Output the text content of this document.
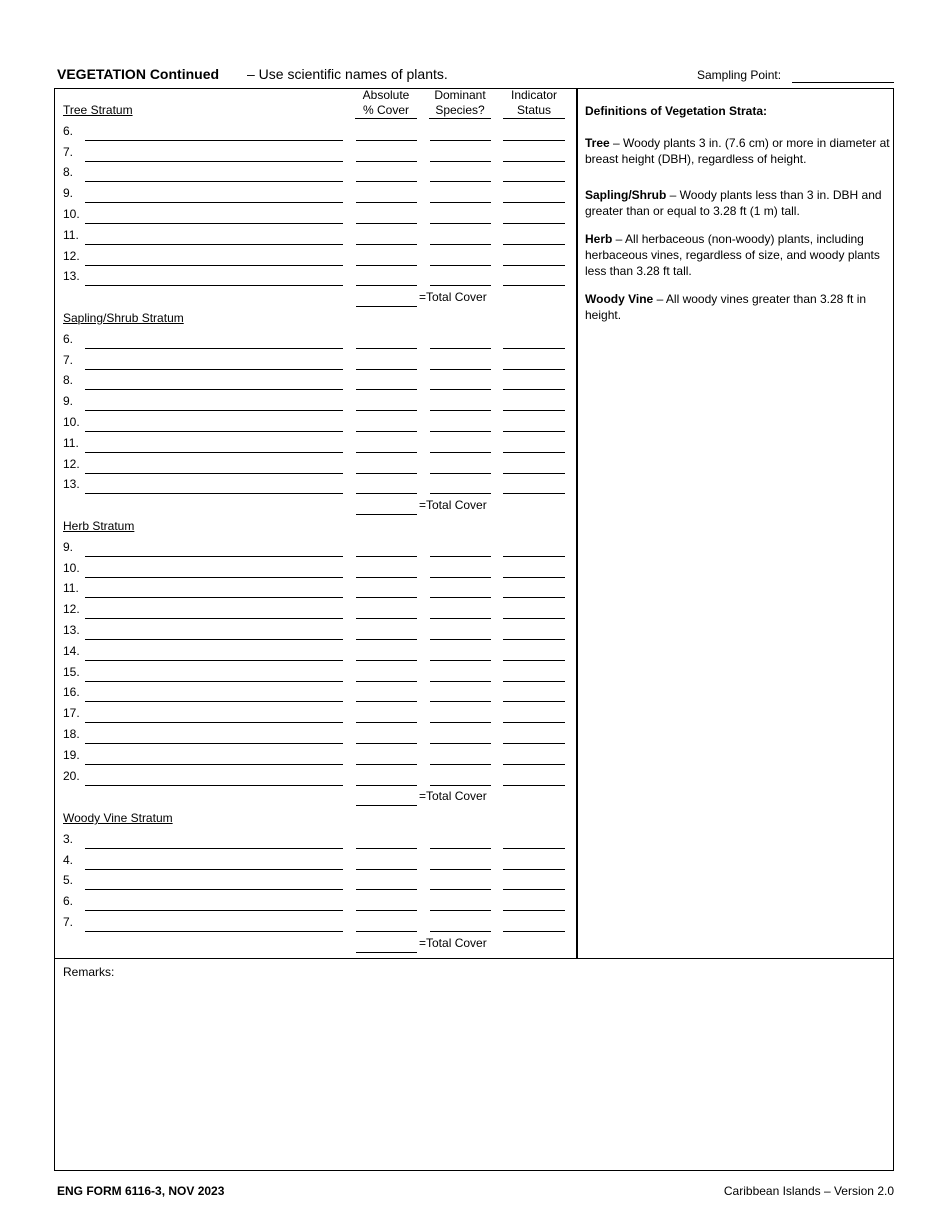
VEGETATION Continued – Use scientific names of plants.	Sampling Point:
Absolute
% Cover
Dominant
Species?
Indicator
Status
Tree Stratum
6.
7.
8.
9.
10.
11.
12.
13.
=Total Cover
Sapling/Shrub Stratum
6.
7.
8.
9.
10.
11.
12.
13.
=Total Cover
Herb Stratum
9.
10.
11.
12.
13.
14.
15.
16.
17.
18.
19.
20.
=Total Cover
Woody Vine Stratum
3.
4.
5.
6.
7.
=Total Cover
Definitions of Vegetation Strata:
Tree – Woody plants 3 in. (7.6 cm) or more in diameter at breast height (DBH), regardless of height.
Sapling/Shrub – Woody plants less than 3 in. DBH and greater than or equal to 3.28 ft (1 m) tall.
Herb – All herbaceous (non-woody) plants, including herbaceous vines, regardless of size, and woody plants less than 3.28 ft tall.
Woody Vine – All woody vines greater than 3.28 ft in height.
Remarks:
ENG FORM 6116-3, NOV 2023	Caribbean Islands – Version 2.0
